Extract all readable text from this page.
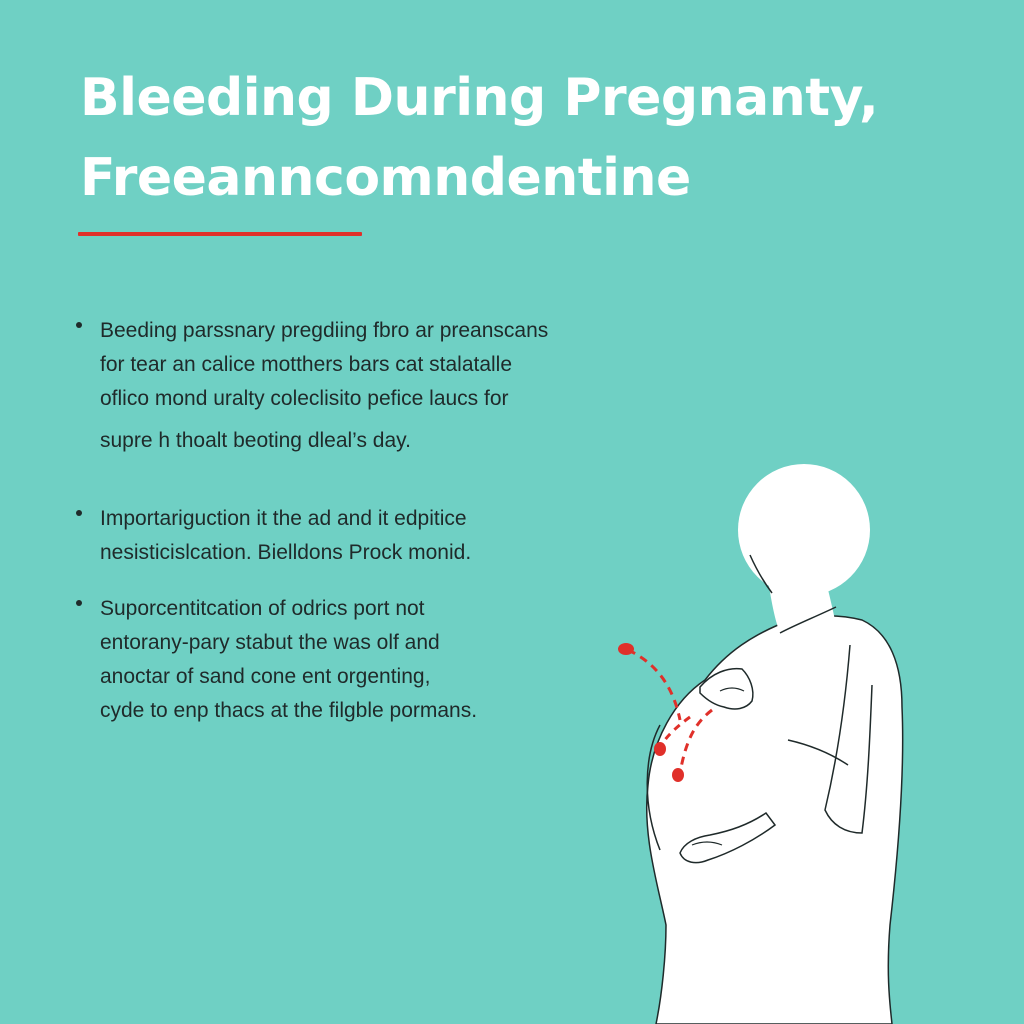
Bleeding During Pregnanty,
Freeanncomndentine
Beeding parssnary pregdiing fbro ar preanscans
for tear an calice motthers bars cat stalatalle
oflico mond uralty coleclisito pefice laucs for
supre h thoalt beoting dleal’s day.
Importariguction it the ad and it edpitice
nesisticislcation. Bielldons Prock monid.
Suporcentitcation of odrics port not
entorany-pary stabut the was olf and
anoctar of sand cone ent orgenting,
cyde to enp thacs at the filgble pormans.
